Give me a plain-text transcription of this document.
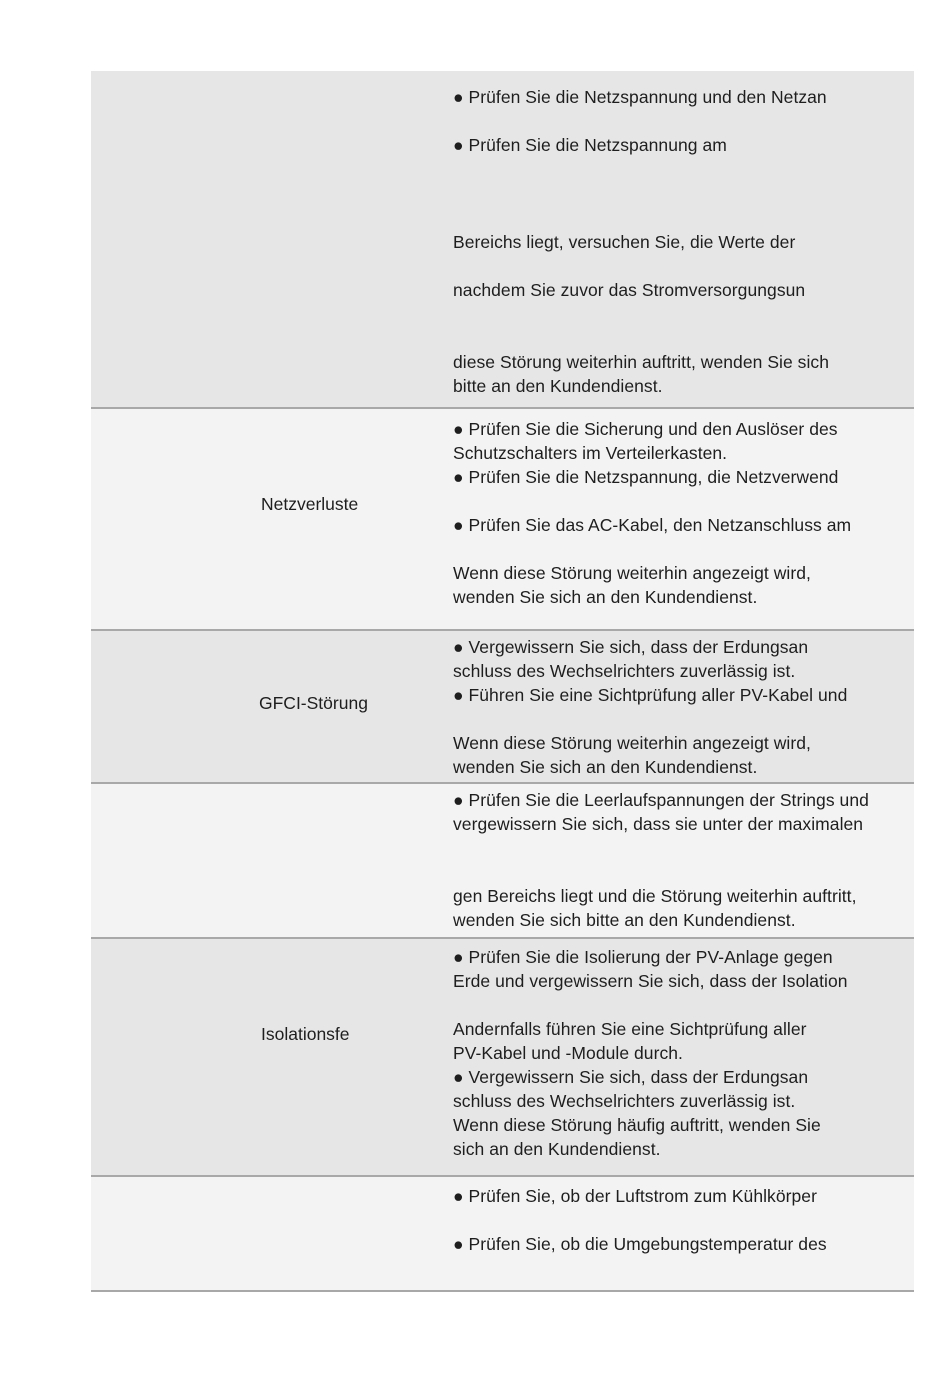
● Prüfen Sie die Netzspannung und den Netzan
● Prüfen Sie die Netzspannung am
Bereichs liegt, versuchen Sie, die Werte der
nachdem Sie zuvor das Stromversorgungsun
diese Störung weiterhin auftritt, wenden Sie sich
bitte an den Kundendienst.
Netzverluste
● Prüfen Sie die Sicherung und den Auslöser des
Schutzschalters im Verteilerkasten.
● Prüfen Sie die Netzspannung, die Netzverwend
● Prüfen Sie das AC-Kabel, den Netzanschluss am
Wenn diese Störung weiterhin angezeigt wird,
wenden Sie sich an den Kundendienst.
GFCI-Störung
● Vergewissern Sie sich, dass der Erdungsan
schluss des Wechselrichters zuverlässig ist.
● Führen Sie eine Sichtprüfung aller PV-Kabel und
Wenn diese Störung weiterhin angezeigt wird,
wenden Sie sich an den Kundendienst.
● Prüfen Sie die Leerlaufspannungen der Strings und
vergewissern Sie sich, dass sie unter der maximalen
gen Bereichs liegt und die Störung weiterhin auftritt,
wenden Sie sich bitte an den Kundendienst.
Isolationsfe
● Prüfen Sie die Isolierung der PV-Anlage gegen
Erde und vergewissern Sie sich, dass der Isolation
Andernfalls führen Sie eine Sichtprüfung aller
PV-Kabel und -Module durch.
● Vergewissern Sie sich, dass der Erdungsan
schluss des Wechselrichters zuverlässig ist.
Wenn diese Störung häufig auftritt, wenden Sie
sich an den Kundendienst.
● Prüfen Sie, ob der Luftstrom zum Kühlkörper
● Prüfen Sie, ob die Umgebungstemperatur des
